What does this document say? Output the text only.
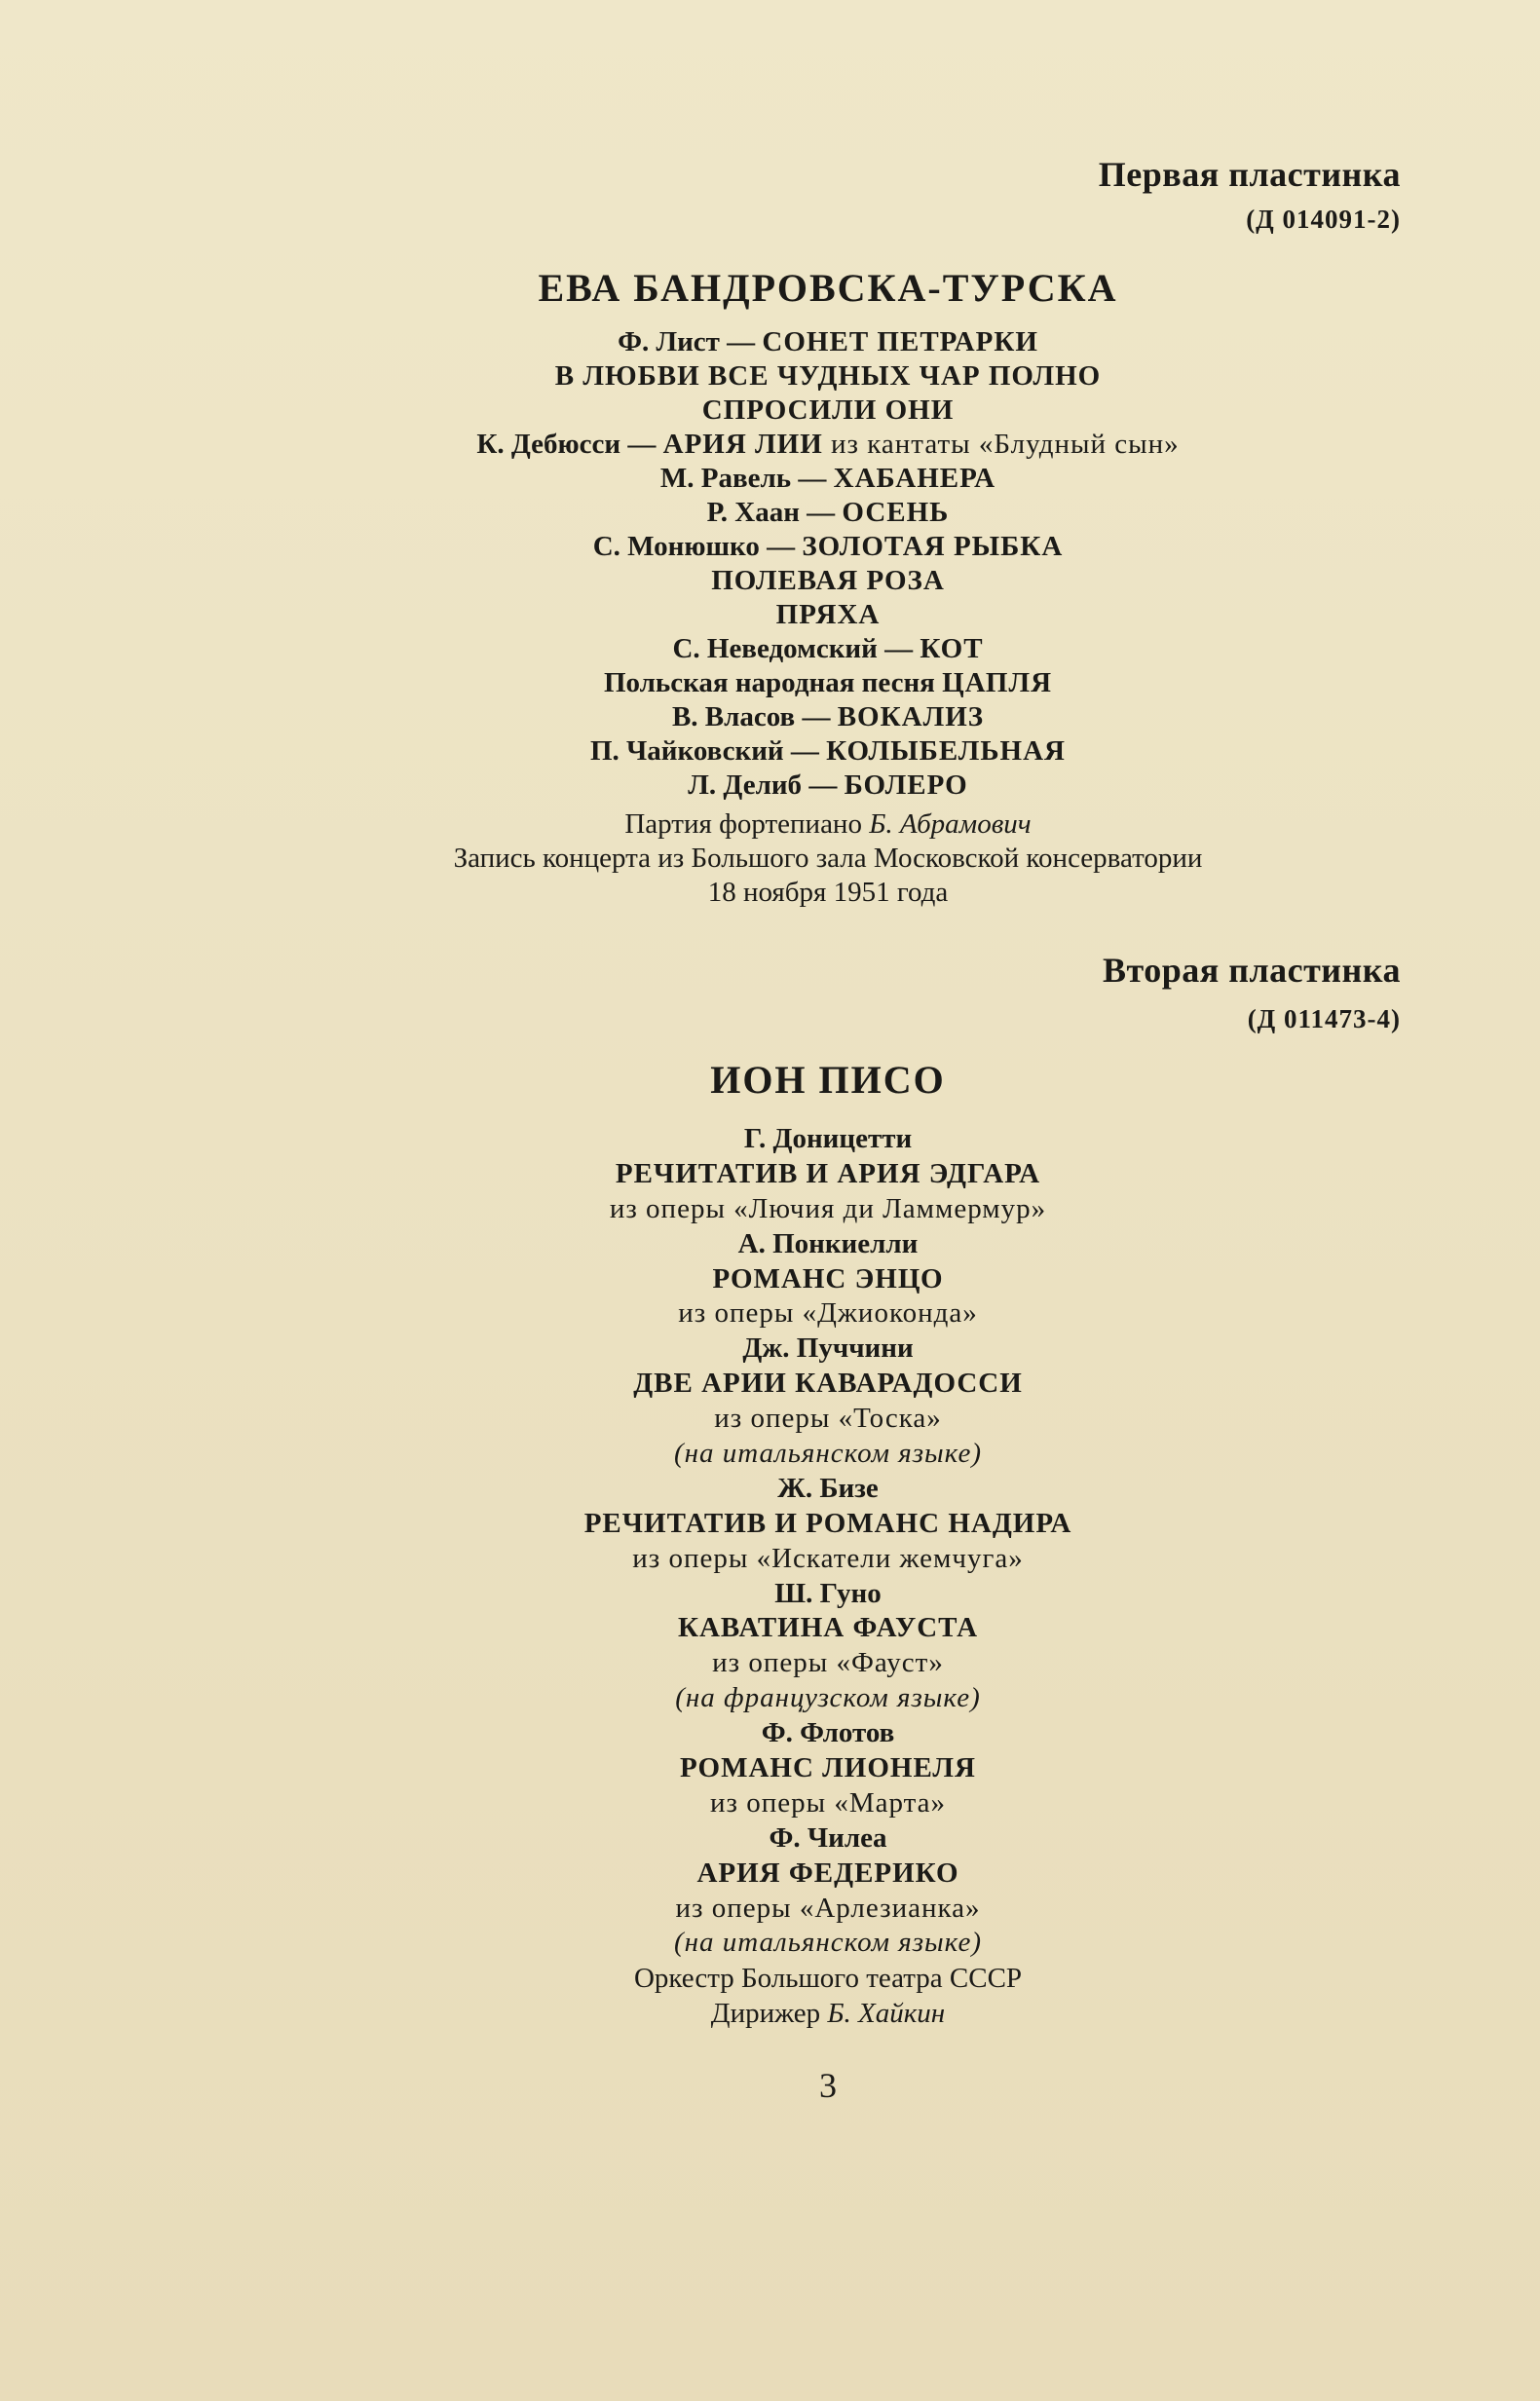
Первая пластинка
(Д 014091-2)
ЕВА БАНДРОВСКА-ТУРСКА
Ф. Лист — СОНЕТ ПЕТРАРКИ
В ЛЮБВИ ВСЕ ЧУДНЫХ ЧАР ПОЛНО
СПРОСИЛИ ОНИ
К. Дебюсси — АРИЯ ЛИИ из кантаты «Блудный сын»
М. Равель — ХАБАНЕРА
Р. Хаан — ОСЕНЬ
С. Монюшко — ЗОЛОТАЯ РЫБКА
ПОЛЕВАЯ РОЗА
ПРЯХА
С. Неведомский — КОТ
Польская народная песня ЦАПЛЯ
В. Власов — ВОКАЛИЗ
П. Чайковский — КОЛЫБЕЛЬНАЯ
Л. Делиб — БОЛЕРО
Партия фортепиано Б. Абрамович
Запись концерта из Большого зала Московской консерватории
18 ноября 1951 года
Вторая пластинка
(Д 011473-4)
ИОН ПИСО
Г. Доницетти
РЕЧИТАТИВ И АРИЯ ЭДГАРА
из оперы «Лючия ди Ламмермур»
А. Понкиелли
РОМАНС ЭНЦО
из оперы «Джиоконда»
Дж. Пуччини
ДВЕ АРИИ КАВАРАДОССИ
из оперы «Тоска»
(на итальянском языке)
Ж. Бизе
РЕЧИТАТИВ И РОМАНС НАДИРА
из оперы «Искатели жемчуга»
Ш. Гуно
КАВАТИНА ФАУСТА
из оперы «Фауст»
(на французском языке)
Ф. Флотов
РОМАНС ЛИОНЕЛЯ
из оперы «Марта»
Ф. Чилеа
АРИЯ ФЕДЕРИКО
из оперы «Арлезианка»
(на итальянском языке)
Оркестр Большого театра СССР
Дирижер Б. Хайкин
3
